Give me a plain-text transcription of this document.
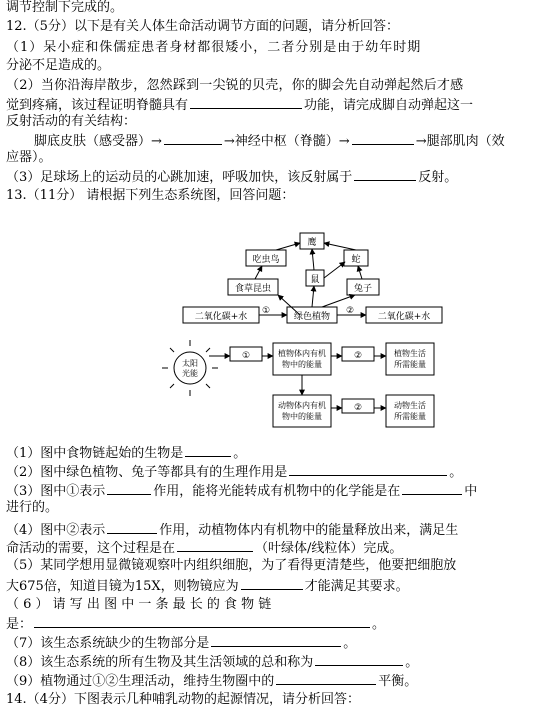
调节控制下完成的。
12.（5分）以下是有关人体生命活动调节方面的问题，请分析回答：
（1）呆小症和侏儒症患者身材都很矮小，二者分别是由于幼年时期
分泌不足造成的。
（2）当你沿海岸散步，忽然踩到一尖锐的贝壳，你的脚会先自动弹起然后才感
觉到疼痛，该过程证明脊髓具有	功能，请完成脚自动弹起这一
反射活动的有关结构：
脚底皮肤（感受器）→	→神经中枢（脊髓）→	→腿部肌肉（效
应器）。
（3）足球场上的运动员的心跳加速，呼吸加快，该反射属于	反射。
13.（11分） 请根据下列生态系统图，回答问题：
鹰
吃虫鸟
鼠
蛇
食草昆虫	兔子
绿色植物
二氧化碳+水	二氧化碳+水
①	②
太阳
光能
①	②
②
植物体内有机
物中的能量
植物生活
所需能量
动物体内有机
物中的能量
动物生活
所需能量
（1）图中食物链起始的生物是	。
（2）图中绿色植物、兔子等都具有的生理作用是	。
（3）图中①表示	作用，能将光能转成有机物中的化学能是在	中
进行的。
（4）图中②表示	作用，动植物体内有机物中的能量释放出来，满足生
命活动的需要，这个过程是在	（叶绿体/线粒体）完成。
（5）某同学想用显微镜观察叶内组织细胞，为了看得更清楚些，他要把细胞放
大675倍，知道目镜为15X，则物镜应为	才能满足其要求。
（ 6 ） 请 写 出 图 中 一 条 最 长 的 食 物 链
是：	。
（7）该生态系统缺少的生物部分是	。
（8）该生态系统的所有生物及其生活领域的总和称为	。
（9）植物通过①②生理活动，维持生物圈中的	平衡。
14.（4分）下图表示几种哺乳动物的起源情况，请分析回答：
